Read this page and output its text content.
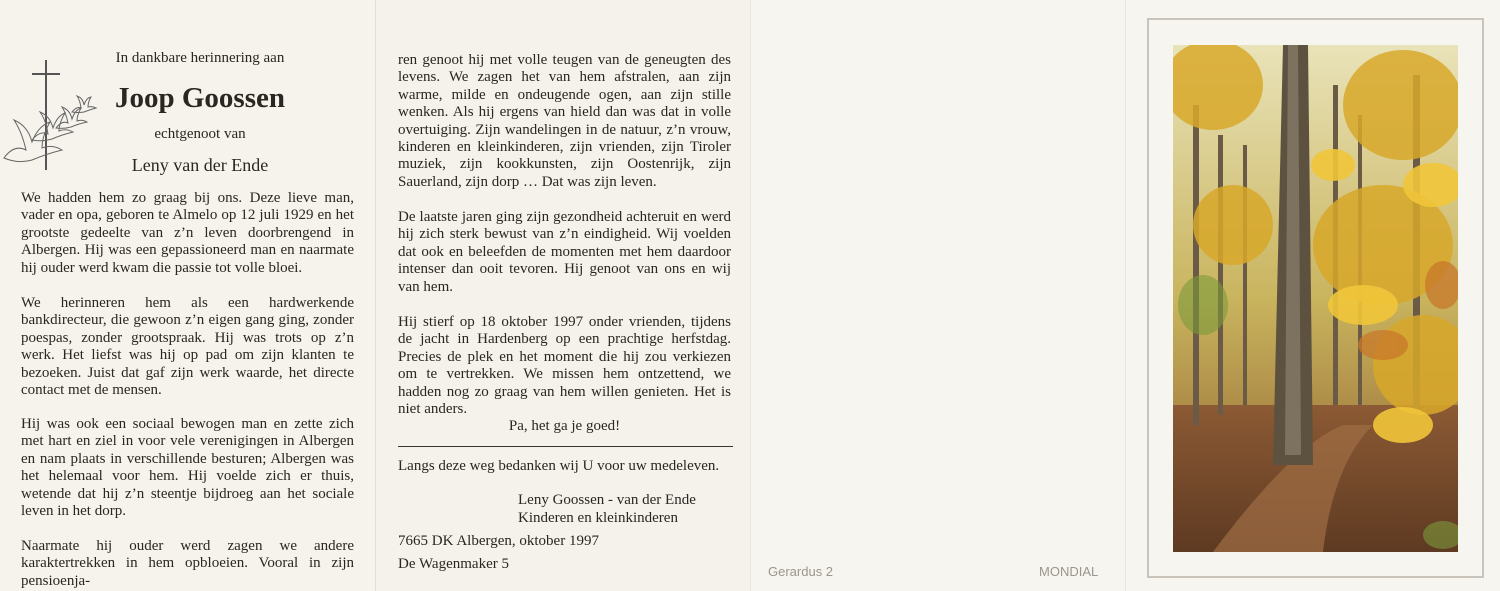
In dankbare herinnering aan

Joop Goossen

echtgenoot van

Leny van der Ende

We hadden hem zo graag bij ons. Deze lieve man, vader en opa, geboren te Almelo op 12 juli 1929 en het grootste gedeelte van z’n leven doorbrengend in Albergen. Hij was een gepassioneerd man en naarmate hij ouder werd kwam die passie tot volle bloei.

We herinneren hem als een hardwerkende bankdirecteur, die gewoon z’n eigen gang ging, zonder poespas, zonder grootspraak. Hij was trots op z’n werk. Het liefst was hij op pad om zijn klanten te bezoeken. Juist dat gaf zijn werk waarde, het directe contact met de mensen.

Hij was ook een sociaal bewogen man en zette zich met hart en ziel in voor vele verenigingen in Albergen en nam plaats in verschillende besturen; Albergen was het helemaal voor hem. Hij voelde zich er thuis, wetende dat hij z’n steentje bijdroeg aan het sociale leven in het dorp.

Naarmate hij ouder werd zagen we andere karaktertrekken in hem opbloeien. Vooral in zijn pensioenja-

ren genoot hij met volle teugen van de geneugten des levens. We zagen het van hem afstralen, aan zijn warme, milde en ondeugende ogen, aan zijn stille wenken. Als hij ergens van hield dan was dat in volle overtuiging. Zijn wandelingen in de natuur, z’n vrouw, kinderen en kleinkinderen, zijn vrienden, zijn Tiroler muziek, zijn kookkunsten, zijn Oostenrijk, zijn Sauerland, zijn dorp … Dat was zijn leven.

De laatste jaren ging zijn gezondheid achteruit en werd hij zich sterk bewust van z’n eindigheid. Wij voelden dat ook en beleefden de momenten met hem daardoor intenser dan ooit tevoren. Hij genoot van ons en wij van hem.

Hij stierf op 18 oktober 1997 onder vrienden, tijdens de jacht in Hardenberg op een prachtige herfstdag. Precies de plek en het moment die hij zou verkiezen om te vertrekken. We missen hem ontzettend, we hadden nog zo graag van hem willen genieten. Het is niet anders.

Pa, het ga je goed!

Langs deze weg bedanken wij U voor uw medeleven.

Leny Goossen - van der Ende

Kinderen en kleinkinderen

7665 DK Albergen, oktober 1997

De Wagenmaker 5	Gerardus 2	MONDIAL
